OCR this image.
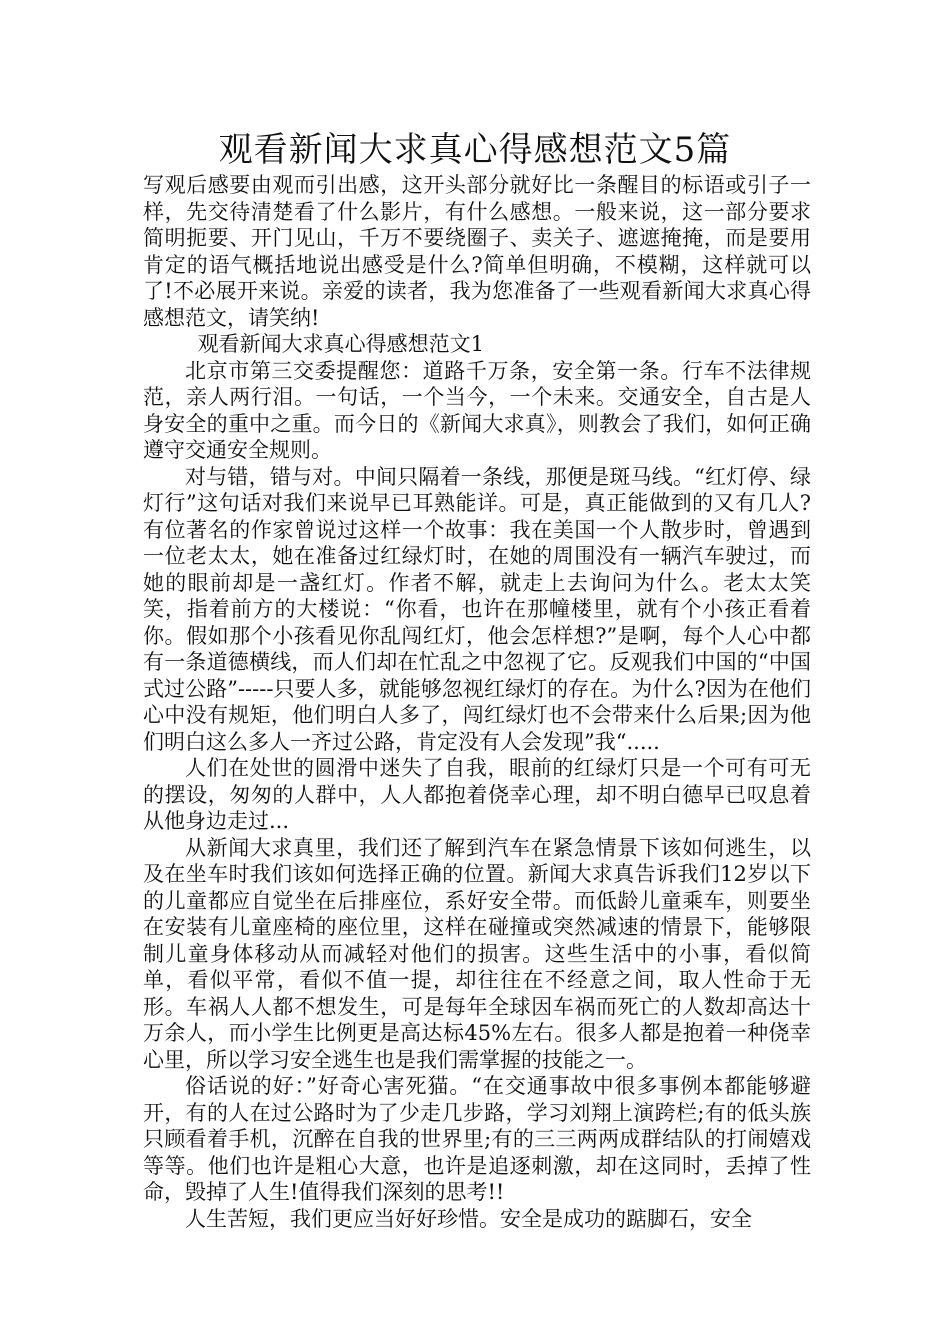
观看新闻大求真心得感想范文5篇

写观后感要由观而引出感，这开头部分就好比一条醒目的标语或引子一样，先交待清楚看了什么影片，有什么感想。一般来说，这一部分要求简明扼要、开门见山，千万不要绕圈子、卖关子、遮遮掩掩，而是要用肯定的语气概括地说出感受是什么?简单但明确，不模糊，这样就可以了!不必展开来说。亲爱的读者，我为您准备了一些观看新闻大求真心得感想范文，请笑纳!

观看新闻大求真心得感想范文1

北京市第三交委提醒您：道路千万条，安全第一条。行车不法律规范，亲人两行泪。一句话，一个当今，一个未来。交通安全，自古是人身安全的重中之重。而今日的《新闻大求真》，则教会了我们，如何正确遵守交通安全规则。

对与错，错与对。中间只隔着一条线，那便是斑马线。“红灯停、绿灯行”这句话对我们来说早已耳熟能详。可是，真正能做到的又有几人?有位著名的作家曾说过这样一个故事：我在美国一个人散步时，曾遇到一位老太太，她在准备过红绿灯时，在她的周围没有一辆汽车驶过，而她的眼前却是一盏红灯。作者不解，就走上去询问为什么。老太太笑笑，指着前方的大楼说：“你看，也许在那幢楼里，就有个小孩正看着你。假如那个小孩看见你乱闯红灯，他会怎样想?”是啊，每个人心中都有一条道德横线，而人们却在忙乱之中忽视了它。反观我们中国的“中国式过公路”-----只要人多，就能够忽视红绿灯的存在。为什么?因为在他们心中没有规矩，他们明白人多了，闯红绿灯也不会带来什么后果;因为他们明白这么多人一齐过公路，肯定没有人会发现”我“.....

人们在处世的圆滑中迷失了自我，眼前的红绿灯只是一个可有可无的摆设，匆匆的人群中，人人都抱着侥幸心理，却不明白德早已叹息着从他身边走过...

从新闻大求真里，我们还了解到汽车在紧急情景下该如何逃生，以及在坐车时我们该如何选择正确的位置。新闻大求真告诉我们12岁以下的儿童都应自觉坐在后排座位，系好安全带。而低龄儿童乘车，则要坐在安装有儿童座椅的座位里，这样在碰撞或突然减速的情景下，能够限制儿童身体移动从而减轻对他们的损害。这些生活中的小事，看似简单，看似平常，看似不值一提，却往往在不经意之间，取人性命于无形。车祸人人都不想发生，可是每年全球因车祸而死亡的人数却高达十万余人，而小学生比例更是高达标45%左右。很多人都是抱着一种侥幸心里，所以学习安全逃生也是我们需掌握的技能之一。

俗话说的好：”好奇心害死猫。“在交通事故中很多事例本都能够避开，有的人在过公路时为了少走几步路，学习刘翔上演跨栏;有的低头族只顾看着手机，沉醉在自我的世界里;有的三三两两成群结队的打闹嬉戏等等。他们也许是粗心大意，也许是追逐刺激，却在这同时，丢掉了性命，毁掉了人生!值得我们深刻的思考!!

人生苦短，我们更应当好好珍惜。安全是成功的踮脚石，安全
